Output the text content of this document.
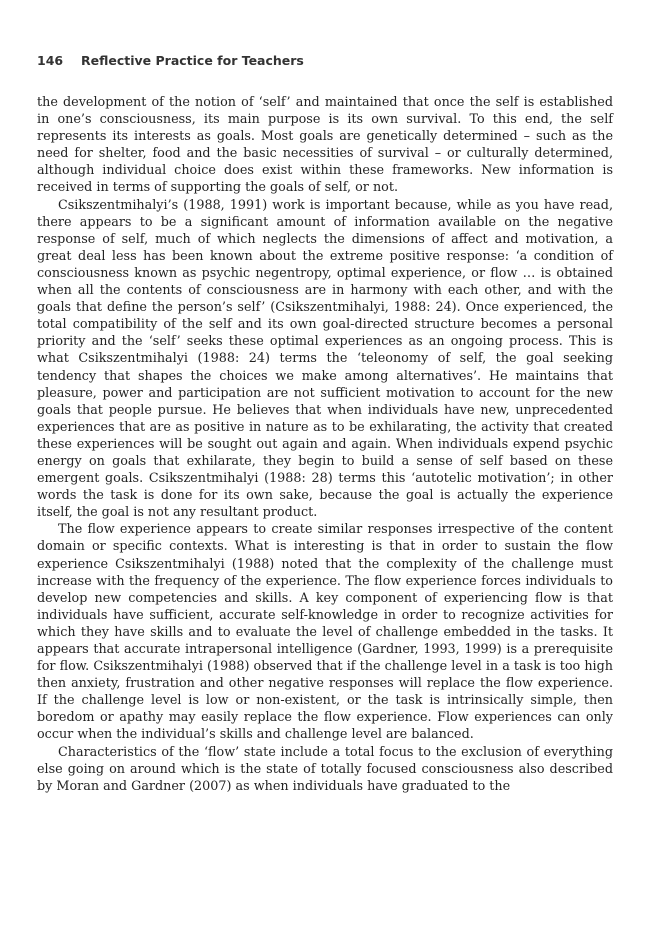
146 Reflective Practice for Teachers

the development of the notion of ‘self’ and maintained that once the self is established in one’s consciousness, its main purpose is its own survival. To this end, the self represents its interests as goals. Most goals are genetically determined – such as the need for shelter, food and the basic necessities of survival – or culturally determined, although individual choice does exist within these frameworks. New information is received in terms of supporting the goals of self, or not.

Csikszentmihalyi’s (1988, 1991) work is important because, while as you have read, there appears to be a significant amount of information available on the negative response of self, much of which neglects the dimensions of affect and motivation, a great deal less has been known about the extreme positive response: ‘a condition of consciousness known as psychic negentropy, optimal experience, or flow … is obtained when all the contents of consciousness are in harmony with each other, and with the goals that define the person’s self’ (Csikszentmihalyi, 1988: 24). Once experienced, the total compatibility of the self and its own goal-directed structure becomes a personal priority and the ‘self’ seeks these optimal experiences as an ongoing process. This is what Csikszentmihalyi (1988: 24) terms the ‘teleonomy of self, the goal seeking tendency that shapes the choices we make among alternatives’. He maintains that pleasure, power and participation are not sufficient motivation to account for the new goals that people pursue. He believes that when individuals have new, unprecedented experiences that are as positive in nature as to be exhilarating, the activity that created these experiences will be sought out again and again. When individuals expend psychic energy on goals that exhilarate, they begin to build a sense of self based on these emergent goals. Csikszentmihalyi (1988: 28) terms this ‘autotelic motivation’; in other words the task is done for its own sake, because the goal is actually the experience itself, the goal is not any resultant product.

The flow experience appears to create similar responses irrespective of the content domain or specific contexts. What is interesting is that in order to sustain the flow experience Csikszentmihalyi (1988) noted that the complexity of the challenge must increase with the frequency of the experience. The flow experience forces individuals to develop new competencies and skills. A key component of experiencing flow is that individuals have sufficient, accurate self-knowledge in order to recognize activities for which they have skills and to evaluate the level of challenge embedded in the tasks. It appears that accurate intrapersonal intelligence (Gardner, 1993, 1999) is a prerequisite for flow. Csikszentmihalyi (1988) observed that if the challenge level in a task is too high then anxiety, frustration and other negative responses will replace the flow experience. If the challenge level is low or non-existent, or the task is intrinsically simple, then boredom or apathy may easily replace the flow experience. Flow experiences can only occur when the individual’s skills and challenge level are balanced.

Characteristics of the ‘flow’ state include a total focus to the exclusion of everything else going on around which is the state of totally focused consciousness also described by Moran and Gardner (2007) as when individuals have graduated to the
